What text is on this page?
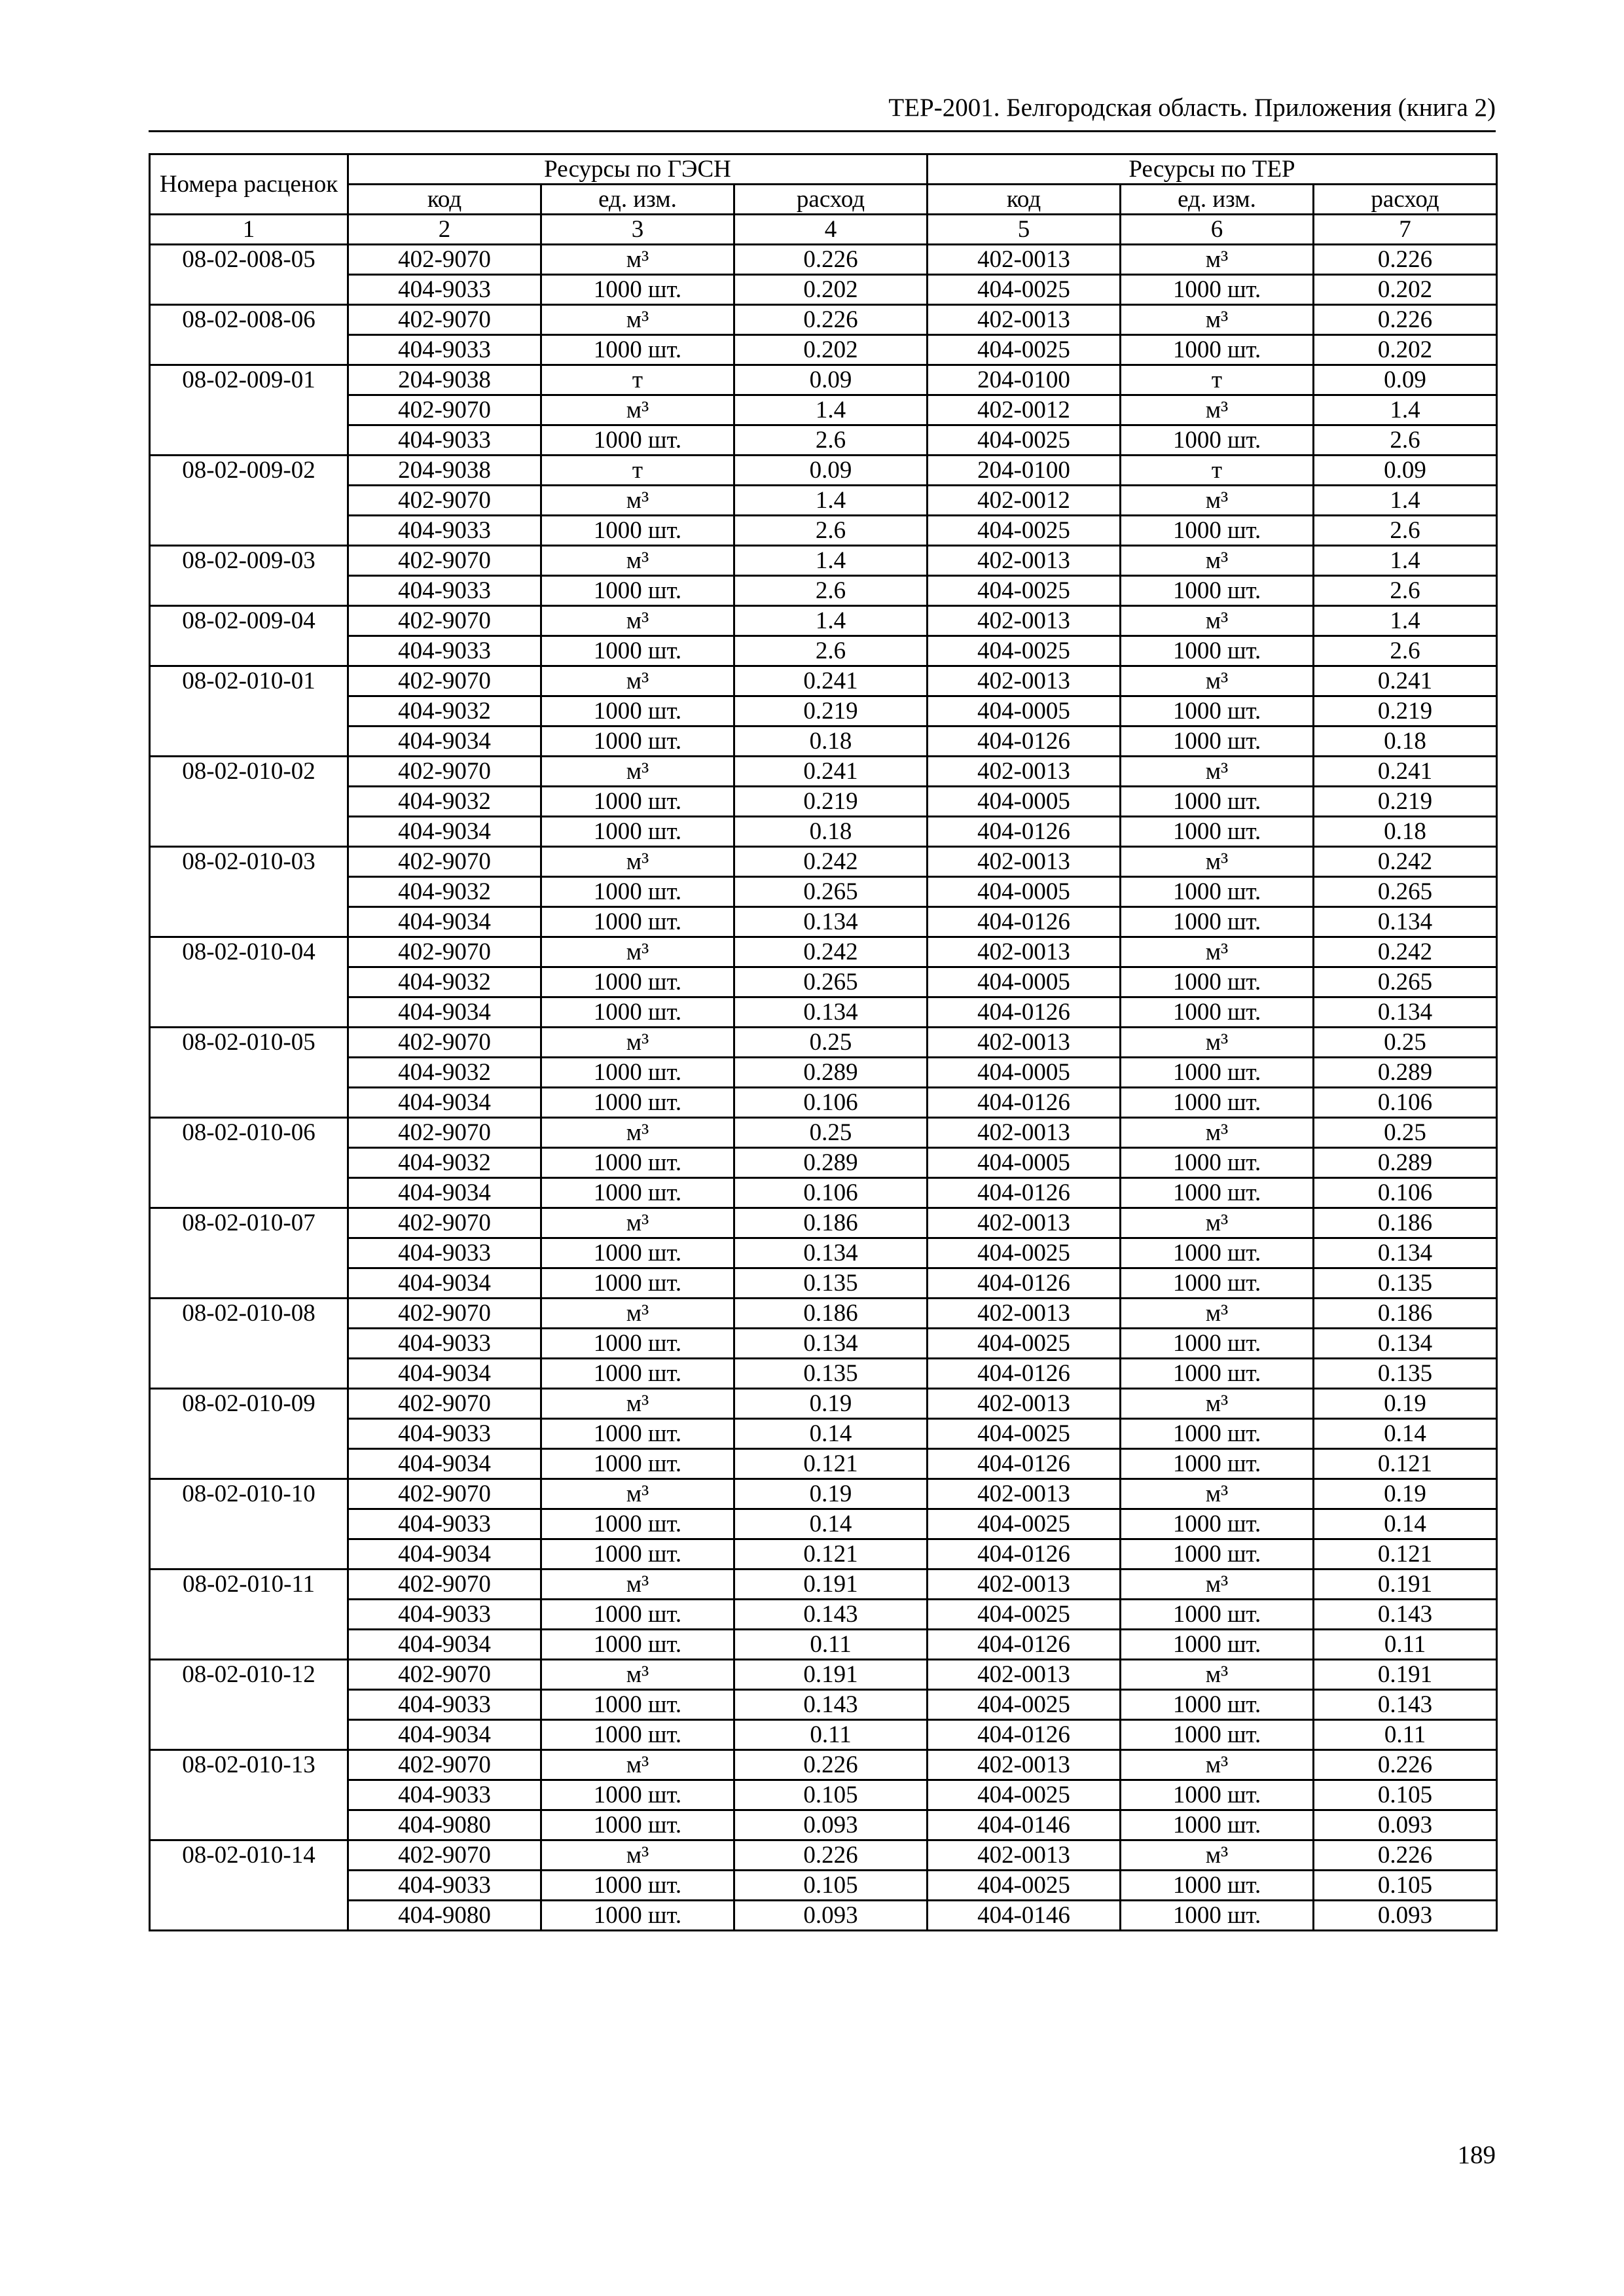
ТЕР-2001. Белгородская область. Приложения (книга 2)
Номера расценок	Ресурсы по ГЭСН			Ресурсы по ТЕР		
	код	ед. изм.	расход	код	ед. изм.	расход
1	2	3	4	5	6	7
08-02-008-05	402-9070	м³	0.226	402-0013	м³	0.226
	404-9033	1000 шт.	0.202	404-0025	1000 шт.	0.202
08-02-008-06	402-9070	м³	0.226	402-0013	м³	0.226
	404-9033	1000 шт.	0.202	404-0025	1000 шт.	0.202
08-02-009-01	204-9038	т	0.09	204-0100	т	0.09
	402-9070	м³	1.4	402-0012	м³	1.4
	404-9033	1000 шт.	2.6	404-0025	1000 шт.	2.6
08-02-009-02	204-9038	т	0.09	204-0100	т	0.09
	402-9070	м³	1.4	402-0012	м³	1.4
	404-9033	1000 шт.	2.6	404-0025	1000 шт.	2.6
08-02-009-03	402-9070	м³	1.4	402-0013	м³	1.4
	404-9033	1000 шт.	2.6	404-0025	1000 шт.	2.6
08-02-009-04	402-9070	м³	1.4	402-0013	м³	1.4
	404-9033	1000 шт.	2.6	404-0025	1000 шт.	2.6
08-02-010-01	402-9070	м³	0.241	402-0013	м³	0.241
	404-9032	1000 шт.	0.219	404-0005	1000 шт.	0.219
	404-9034	1000 шт.	0.18	404-0126	1000 шт.	0.18
08-02-010-02	402-9070	м³	0.241	402-0013	м³	0.241
	404-9032	1000 шт.	0.219	404-0005	1000 шт.	0.219
	404-9034	1000 шт.	0.18	404-0126	1000 шт.	0.18
08-02-010-03	402-9070	м³	0.242	402-0013	м³	0.242
	404-9032	1000 шт.	0.265	404-0005	1000 шт.	0.265
	404-9034	1000 шт.	0.134	404-0126	1000 шт.	0.134
08-02-010-04	402-9070	м³	0.242	402-0013	м³	0.242
	404-9032	1000 шт.	0.265	404-0005	1000 шт.	0.265
	404-9034	1000 шт.	0.134	404-0126	1000 шт.	0.134
08-02-010-05	402-9070	м³	0.25	402-0013	м³	0.25
	404-9032	1000 шт.	0.289	404-0005	1000 шт.	0.289
	404-9034	1000 шт.	0.106	404-0126	1000 шт.	0.106
08-02-010-06	402-9070	м³	0.25	402-0013	м³	0.25
	404-9032	1000 шт.	0.289	404-0005	1000 шт.	0.289
	404-9034	1000 шт.	0.106	404-0126	1000 шт.	0.106
08-02-010-07	402-9070	м³	0.186	402-0013	м³	0.186
	404-9033	1000 шт.	0.134	404-0025	1000 шт.	0.134
	404-9034	1000 шт.	0.135	404-0126	1000 шт.	0.135
08-02-010-08	402-9070	м³	0.186	402-0013	м³	0.186
	404-9033	1000 шт.	0.134	404-0025	1000 шт.	0.134
	404-9034	1000 шт.	0.135	404-0126	1000 шт.	0.135
08-02-010-09	402-9070	м³	0.19	402-0013	м³	0.19
	404-9033	1000 шт.	0.14	404-0025	1000 шт.	0.14
	404-9034	1000 шт.	0.121	404-0126	1000 шт.	0.121
08-02-010-10	402-9070	м³	0.19	402-0013	м³	0.19
	404-9033	1000 шт.	0.14	404-0025	1000 шт.	0.14
	404-9034	1000 шт.	0.121	404-0126	1000 шт.	0.121
08-02-010-11	402-9070	м³	0.191	402-0013	м³	0.191
	404-9033	1000 шт.	0.143	404-0025	1000 шт.	0.143
	404-9034	1000 шт.	0.11	404-0126	1000 шт.	0.11
08-02-010-12	402-9070	м³	0.191	402-0013	м³	0.191
	404-9033	1000 шт.	0.143	404-0025	1000 шт.	0.143
	404-9034	1000 шт.	0.11	404-0126	1000 шт.	0.11
08-02-010-13	402-9070	м³	0.226	402-0013	м³	0.226
	404-9033	1000 шт.	0.105	404-0025	1000 шт.	0.105
	404-9080	1000 шт.	0.093	404-0146	1000 шт.	0.093
08-02-010-14	402-9070	м³	0.226	402-0013	м³	0.226
	404-9033	1000 шт.	0.105	404-0025	1000 шт.	0.105
	404-9080	1000 шт.	0.093	404-0146	1000 шт.	0.093
189
